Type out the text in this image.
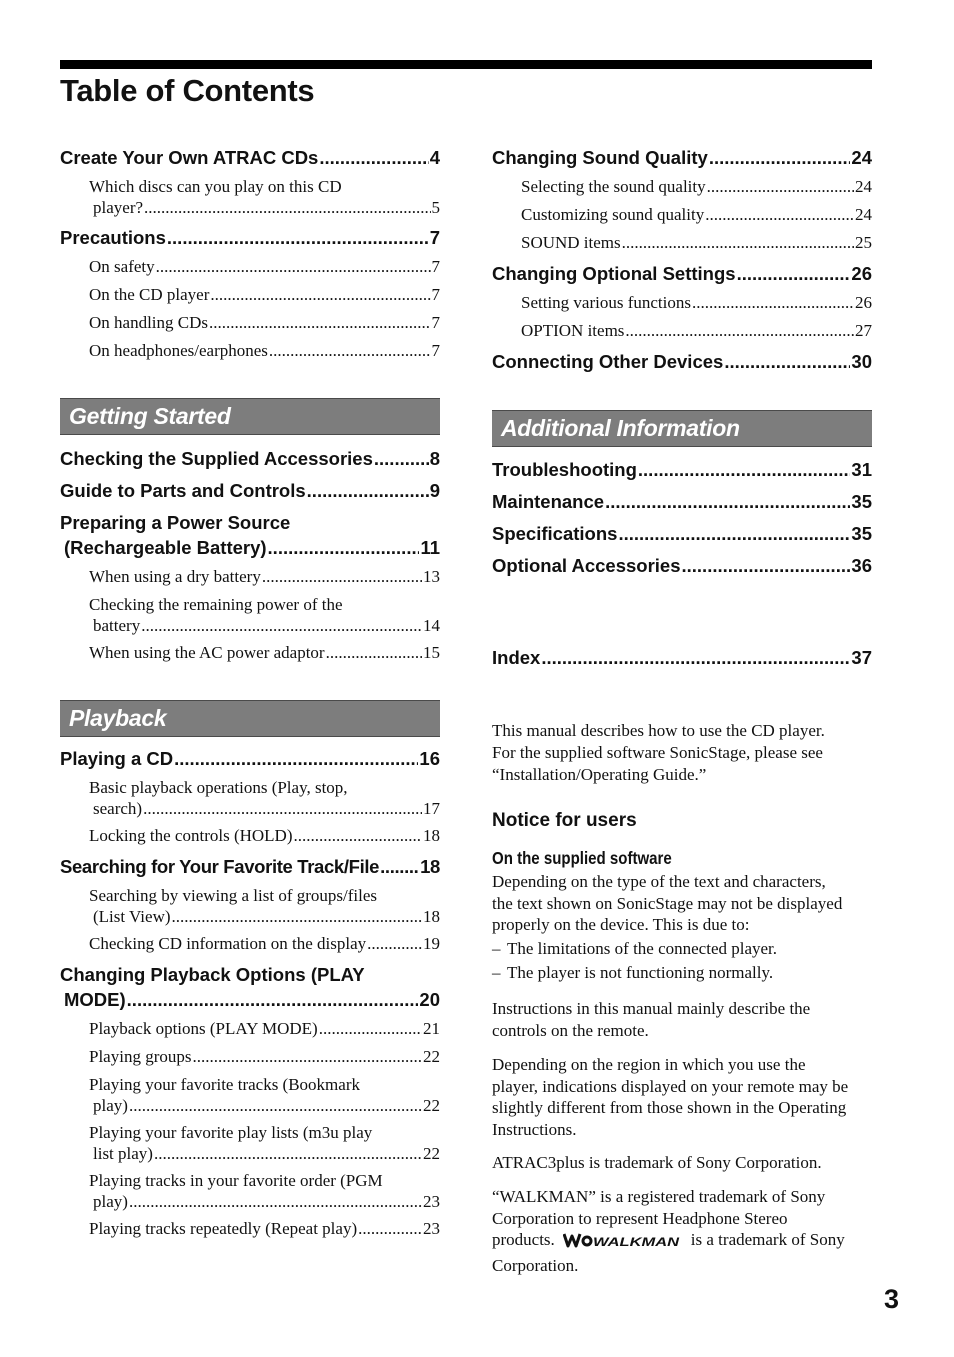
Table of Contents
Create Your Own ATRAC CDs .....	4
Which discs can you play on this CD
player? .....	5
Precautions .....	7
On safety .....	7
On the CD player .....	7
On handling CDs .....	7
On headphones/earphones .....	7
Getting Started
Checking the Supplied Accessories .....	8
Guide to Parts and Controls .....	9
Preparing a Power Source
(Rechargeable Battery) .....	11
When using a dry battery .....	13
Checking the remaining power of the
battery .....	14
When using the AC power adaptor .....	15
Playback
Playing a CD .....	16
Basic playback operations (Play, stop,
search) .....	17
Locking the controls (HOLD) .....	18
Searching for Your Favorite Track/File ..... 18
Searching by viewing a list of groups/files
(List View) .....	18
Checking CD information on the display .....	19
Changing Playback Options (PLAY
MODE) .....	20
Playback options (PLAY MODE) .....	21
Playing groups .....	22
Playing your favorite tracks (Bookmark
play) .....	22
Playing your favorite play lists (m3u play
list play) .....	22
Playing tracks in your favorite order (PGM
play) .....	23
Playing tracks repeatedly (Repeat play) .....	23
Changing Sound Quality .....	24
Selecting the sound quality .....	24
Customizing sound quality .....	24
SOUND items .....	25
Changing Optional Settings .....	26
Setting various functions .....	26
OPTION items .....	27
Connecting Other Devices .....	30
Additional Information
Troubleshooting .....	31
Maintenance .....	35
Specifications .....	35
Optional Accessories .....	36
Index .....	37
This manual describes how to use the CD player.
For the supplied software SonicStage, please see
“Installation/Operating Guide.”
Notice for users
On the supplied software
Depending on the type of the text and characters,
the text shown on SonicStage may not be displayed
properly on the device. This is due to:
– The limitations of the connected player.
– The player is not functioning normally.
Instructions in this manual mainly describe the
controls on the remote.
Depending on the region in which you use the
player, indications displayed on your remote may be
slightly different from those shown in the Operating
Instructions.
ATRAC3plus is trademark of Sony Corporation.
“WALKMAN” is a registered trademark of Sony
Corporation to represent Headphone Stereo
products.	WALKMAN is a trademark of Sony
Corporation.
3
